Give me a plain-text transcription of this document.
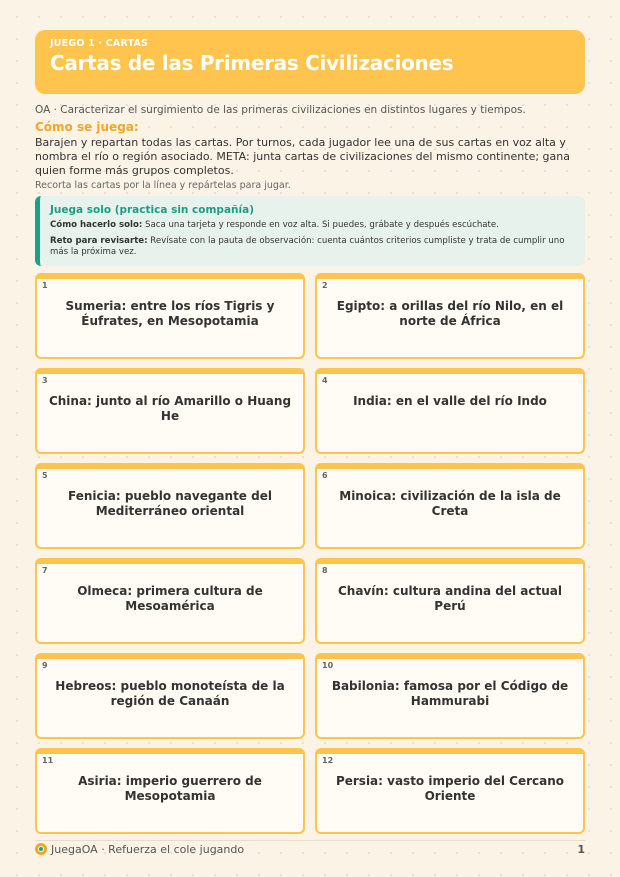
JUEGO 1 · CARTAS
Cartas de las Primeras Civilizaciones
OA · Caracterizar el surgimiento de las primeras civilizaciones en distintos lugares y tiempos.
Cómo se juega:
Barajen y repartan todas las cartas. Por turnos, cada jugador lee una de sus cartas en voz alta y nombra el río o región asociado. META: junta cartas de civilizaciones del mismo continente; gana quien forme más grupos completos.
Recorta las cartas por la línea y repártelas para jugar.
Juega solo (practica sin compañía)
Cómo hacerlo solo: Saca una tarjeta y responde en voz alta. Si puedes, grábate y después escúchate.
Reto para revisarte: Revísate con la pauta de observación: cuenta cuántos criterios cumpliste y trata de cumplir uno más la próxima vez.
1
Sumeria: entre los ríos Tigris y Éufrates, en Mesopotamia
2
Egipto: a orillas del río Nilo, en el norte de África
3
China: junto al río Amarillo o Huang He
4
India: en el valle del río Indo
5
Fenicia: pueblo navegante del Mediterráneo oriental
6
Minoica: civilización de la isla de Creta
7
Olmeca: primera cultura de Mesoamérica
8
Chavín: cultura andina del actual Perú
9
Hebreos: pueblo monoteísta de la región de Canaán
10
Babilonia: famosa por el Código de Hammurabi
11
Asiria: imperio guerrero de Mesopotamia
12
Persia: vasto imperio del Cercano Oriente
JuegaOA · Refuerza el cole jugando	1
